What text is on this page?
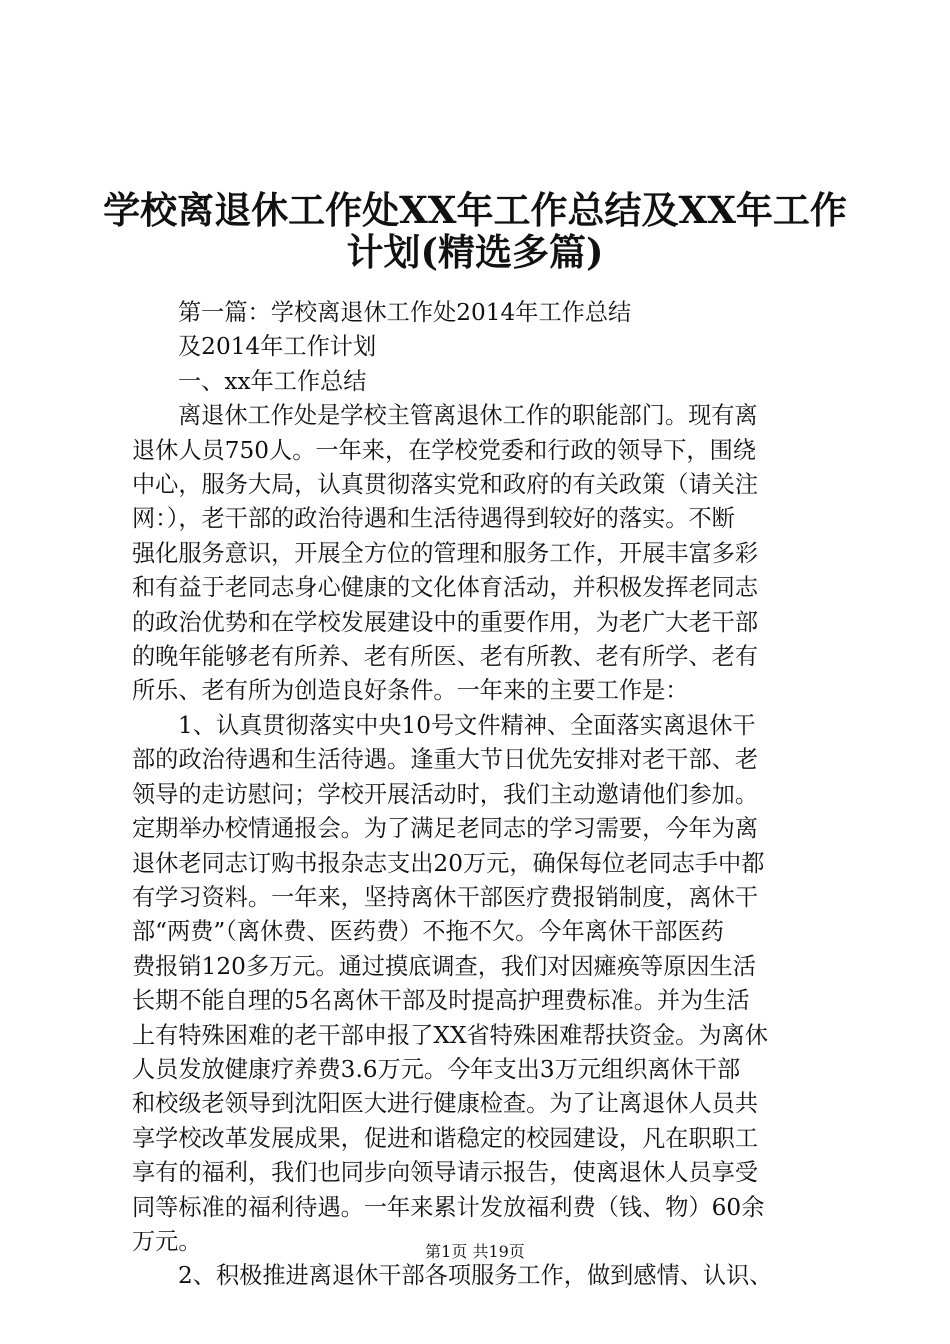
学校离退休工作处XX年工作总结及XX年工作
计划(精选多篇)

第一篇：学校离退休工作处2014年工作总结

及2014年工作计划

一、xx年工作总结

离退休工作处是学校主管离退休工作的职能部门。现有离

退休人员750人。一年来，在学校党委和行政的领导下，围绕

中心，服务大局，认真贯彻落实党和政府的有关政策（请关注

网：），老干部的政治待遇和生活待遇得到较好的落实。不断

强化服务意识，开展全方位的管理和服务工作，开展丰富多彩

和有益于老同志身心健康的文化体育活动，并积极发挥老同志

的政治优势和在学校发展建设中的重要作用，为老广大老干部

的晚年能够老有所养、老有所医、老有所教、老有所学、老有

所乐、老有所为创造良好条件。一年来的主要工作是：

1、认真贯彻落实中央10号文件精神、全面落实离退休干

部的政治待遇和生活待遇。逢重大节日优先安排对老干部、老

领导的走访慰问；学校开展活动时，我们主动邀请他们参加。

定期举办校情通报会。为了满足老同志的学习需要，今年为离

退休老同志订购书报杂志支出20万元，确保每位老同志手中都

有学习资料。一年来，坚持离休干部医疗费报销制度，离休干

部“两费”（离休费、医药费）不拖不欠。今年离休干部医药

费报销120多万元。通过摸底调查，我们对因瘫痪等原因生活

长期不能自理的5名离休干部及时提高护理费标准。并为生活

上有特殊困难的老干部申报了XX省特殊困难帮扶资金。为离休

人员发放健康疗养费3.6万元。今年支出3万元组织离休干部

和校级老领导到沈阳医大进行健康检查。为了让离退休人员共

享学校改革发展成果，促进和谐稳定的校园建设，凡在职职工

享有的福利，我们也同步向领导请示报告，使离退休人员享受

同等标准的福利待遇。一年来累计发放福利费（钱、物）60余

万元。

2、积极推进离退休干部各项服务工作，做到感情、认识、

第1页 共19页
